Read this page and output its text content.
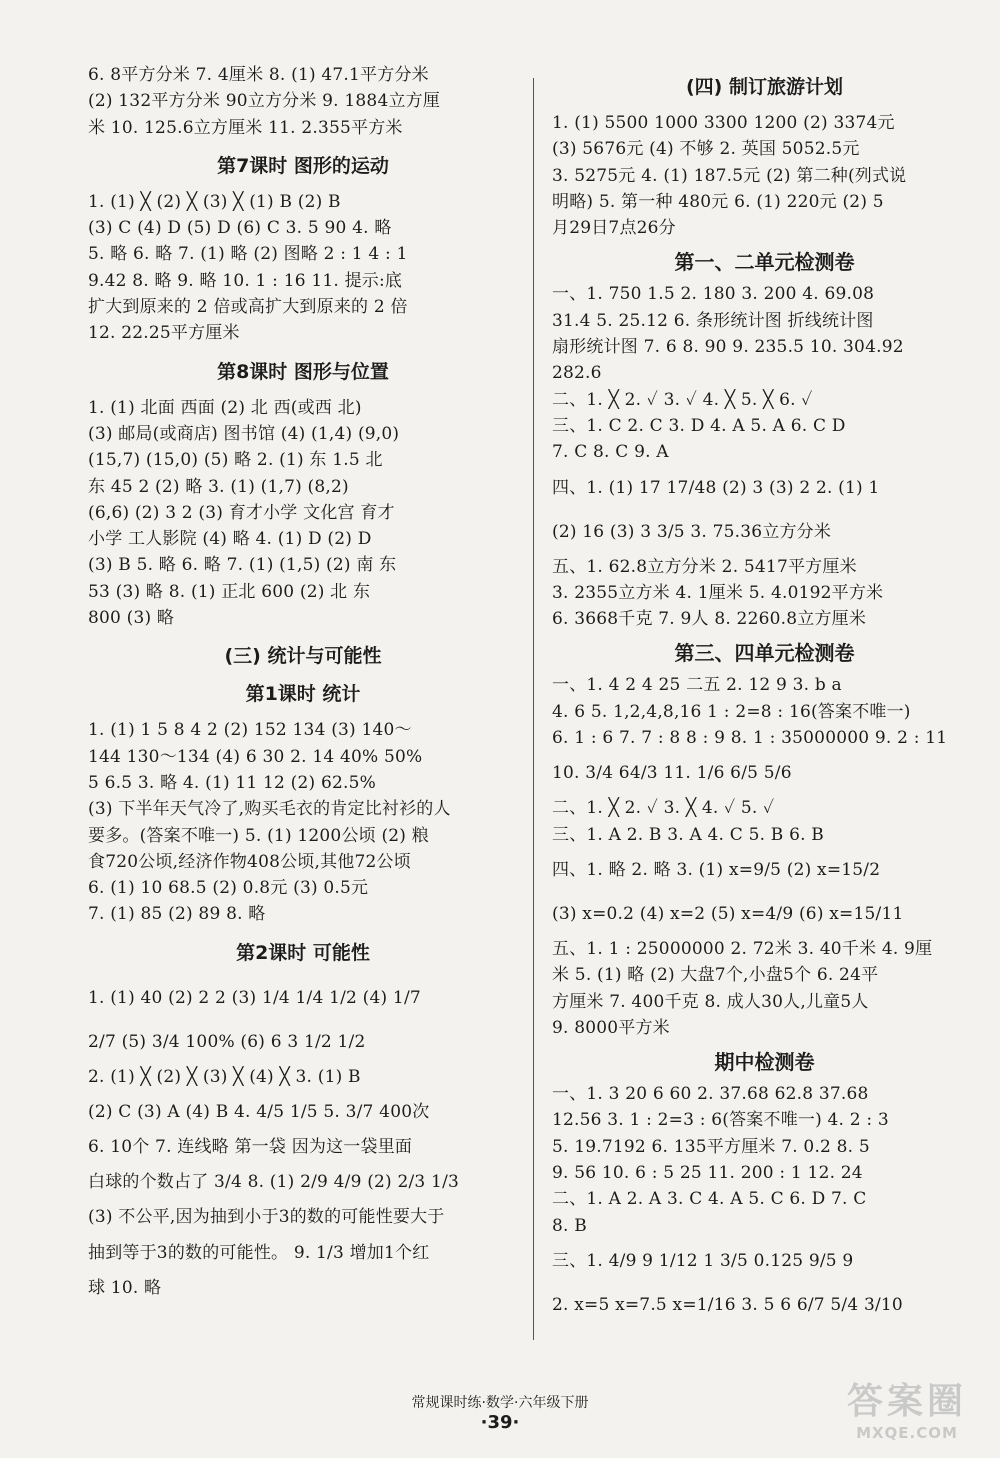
6. 8平方分米 7. 4厘米 8. (1) 47.1平方分米
(2) 132平方分米 90立方分米 9. 1884立方厘
米 10. 125.6立方厘米 11. 2.355平方米
第7课时 图形的运动
1. (1) ╳ (2) ╳ (3) ╳ (1) B (2) B
(3) C (4) D (5) D (6) C 3. 5 90 4. 略
5. 略 6. 略 7. (1) 略 (2) 图略 2 : 1 4 : 1
9.42 8. 略 9. 略 10. 1 : 16 11. 提示:底
扩大到原来的 2 倍或高扩大到原来的 2 倍
12. 22.25平方厘米
第8课时 图形与位置
1. (1) 北面 西面 (2) 北 西(或西 北)
(3) 邮局(或商店) 图书馆 (4) (1,4) (9,0)
(15,7) (15,0) (5) 略 2. (1) 东 1.5 北
东 45 2 (2) 略 3. (1) (1,7) (8,2)
(6,6) (2) 3 2 (3) 育才小学 文化宫 育才
小学 工人影院 (4) 略 4. (1) D (2) D
(3) B 5. 略 6. 略 7. (1) (1,5) (2) 南 东
53 (3) 略 8. (1) 正北 600 (2) 北 东
800 (3) 略
(三) 统计与可能性
第1课时 统计
1. (1) 1 5 8 4 2 (2) 152 134 (3) 140～
144 130～134 (4) 6 30 2. 14 40% 50%
5 6.5 3. 略 4. (1) 11 12 (2) 62.5%
(3) 下半年天气冷了,购买毛衣的肯定比衬衫的人
要多。(答案不唯一) 5. (1) 1200公顷 (2) 粮
食720公顷,经济作物408公顷,其他72公顷
6. (1) 10 68.5 (2) 0.8元 (3) 0.5元
7. (1) 85 (2) 89 8. 略
第2课时 可能性
1. (1) 40 (2) 2 2 (3) 1/4 1/4 1/2 (4) 1/7
2/7 (5) 3/4 100% (6) 6 3 1/2 1/2
2. (1) ╳ (2) ╳ (3) ╳ (4) ╳ 3. (1) B
(2) C (3) A (4) B 4. 4/5 1/5 5. 3/7 400次
6. 10个 7. 连线略 第一袋 因为这一袋里面
白球的个数占了 3/4 8. (1) 2/9 4/9 (2) 2/3 1/3
(3) 不公平,因为抽到小于3的数的可能性要大于
抽到等于3的数的可能性。 9. 1/3 增加1个红
球 10. 略
(四) 制订旅游计划
1. (1) 5500 1000 3300 1200 (2) 3374元
(3) 5676元 (4) 不够 2. 英国 5052.5元
3. 5275元 4. (1) 187.5元 (2) 第二种(列式说
明略) 5. 第一种 480元 6. (1) 220元 (2) 5
月29日7点26分
第一、二单元检测卷
一、1. 750 1.5 2. 180 3. 200 4. 69.08
31.4 5. 25.12 6. 条形统计图 折线统计图
扇形统计图 7. 6 8. 90 9. 235.5 10. 304.92
282.6
二、1. ╳ 2. ✓ 3. ✓ 4. ╳ 5. ╳ 6. ✓
三、1. C 2. C 3. D 4. A 5. A 6. C D
7. C 8. C 9. A
四、1. (1) 17 17/48 (2) 3 (3) 2 2. (1) 1
(2) 16 (3) 3 3/5 3. 75.36立方分米
五、1. 62.8立方分米 2. 5417平方厘米
3. 2355立方米 4. 1厘米 5. 4.0192平方米
6. 3668千克 7. 9人 8. 2260.8立方厘米
第三、四单元检测卷
一、1. 4 2 4 25 二五 2. 12 9 3. b a
4. 6 5. 1,2,4,8,16 1 : 2=8 : 16(答案不唯一)
6. 1 : 6 7. 7 : 8 8 : 9 8. 1 : 35000000 9. 2 : 11
10. 3/4 64/3 11. 1/6 6/5 5/6
二、1. ╳ 2. ✓ 3. ╳ 4. ✓ 5. ✓
三、1. A 2. B 3. A 4. C 5. B 6. B
四、1. 略 2. 略 3. (1) x=9/5 (2) x=15/2
(3) x=0.2 (4) x=2 (5) x=4/9 (6) x=15/11
五、1. 1 : 25000000 2. 72米 3. 40千米 4. 9厘
米 5. (1) 略 (2) 大盘7个,小盘5个 6. 24平
方厘米 7. 400千克 8. 成人30人,儿童5人
9. 8000平方米
期中检测卷
一、1. 3 20 6 60 2. 37.68 62.8 37.68
12.56 3. 1 : 2=3 : 6(答案不唯一) 4. 2 : 3
5. 19.7192 6. 135平方厘米 7. 0.2 8. 5
9. 56 10. 6 : 5 25 11. 200 : 1 12. 24
二、1. A 2. A 3. C 4. A 5. C 6. D 7. C
8. B
三、1. 4/9 9 1/12 1 3/5 0.125 9/5 9
2. x=5 x=7.5 x=1/16 3. 5 6 6/7 5/4 3/10
常规课时练·数学·六年级下册
·39·
答案圈
MXQE.COM
